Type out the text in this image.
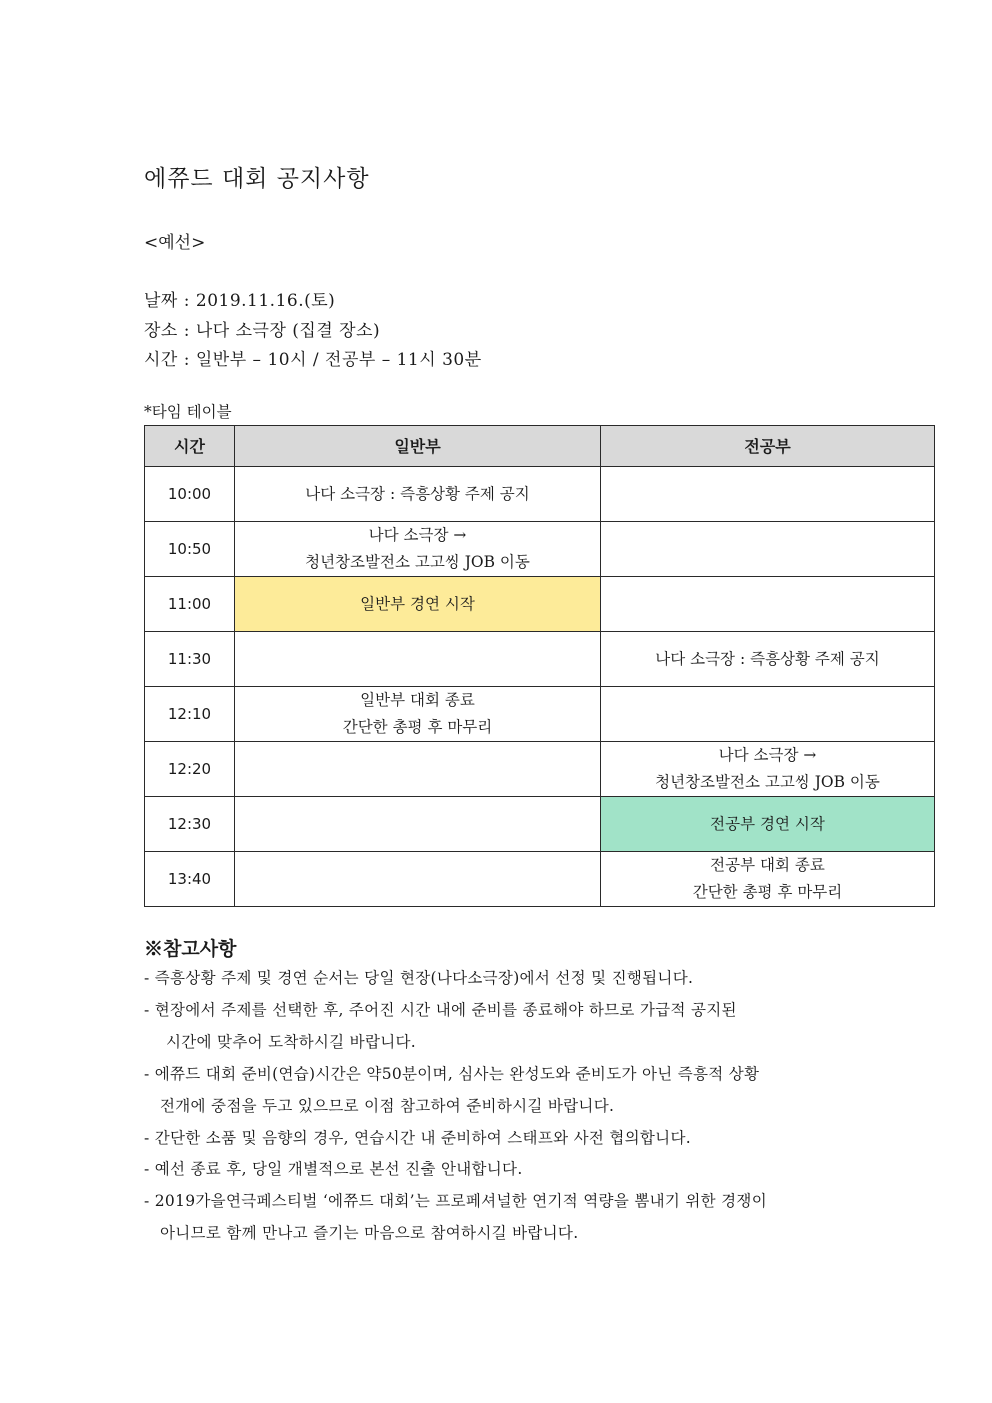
에쮸드 대회 공지사항
<예선>
날짜 : 2019.11.16.(토)
장소 : 나다 소극장 (집결 장소)
시간 : 일반부 – 10시 / 전공부 – 11시 30분
*타임 테이블
시간	일반부	전공부
10:00	나다 소극장 : 즉흥상황 주제 공지	

10:50	나다 소극장 →
청년창조발전소 고고씽 JOB 이동	

11:00	일반부 경연 시작	

11:30		나다 소극장 : 즉흥상황 주제 공지

12:10	일반부 대회 종료
간단한 총평 후 마무리	

12:20		나다 소극장 →
청년창조발전소 고고씽 JOB 이동

12:30		전공부 경연 시작

13:40		전공부 대회 종료
간단한 총평 후 마무리
※참고사항
- 즉흥상황 주제 및 경연 순서는 당일 현장(나다소극장)에서 선정 및 진행됩니다.
- 현장에서 주제를 선택한 후, 주어진 시간 내에 준비를 종료해야 하므로 가급적 공지된
시간에 맞추어 도착하시길 바랍니다.
- 에쮸드 대회 준비(연습)시간은 약50분이며, 심사는 완성도와 준비도가 아닌 즉흥적 상황
전개에 중점을 두고 있으므로 이점 참고하여 준비하시길 바랍니다.
- 간단한 소품 및 음향의 경우, 연습시간 내 준비하여 스태프와 사전 협의합니다.
- 예선 종료 후, 당일 개별적으로 본선 진출 안내합니다.
- 2019가을연극페스티벌 ‘에쮸드 대회’는 프로페셔널한 연기적 역량을 뽐내기 위한 경쟁이
아니므로 함께 만나고 즐기는 마음으로 참여하시길 바랍니다.
